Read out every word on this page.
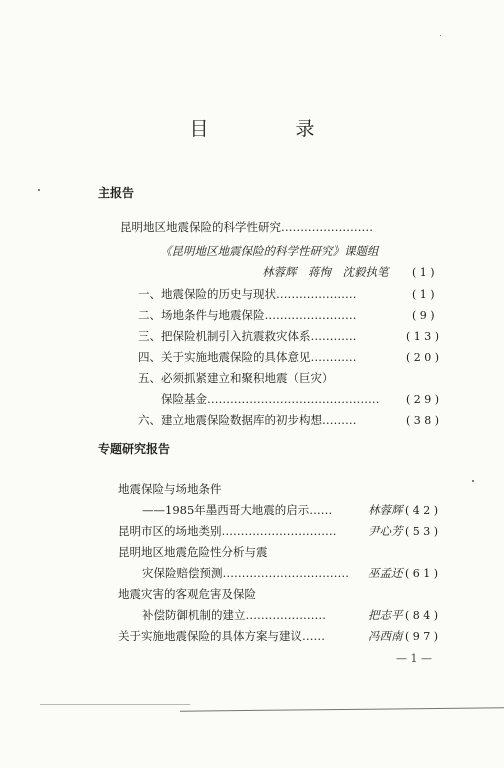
目　录
主报告
昆明地区地震保险的科学性研究……………………
《昆明地区地震保险的科学性研究》课题组
林蓉辉　蒋恂　沈毅执笔 ( 1 )
一、地震保险的历史与现状…………………	( 1 )
二、场地条件与地震保险……………………	( 9 )
三、把保险机制引入抗震救灾体系…………	( 1 3 )
四、关于实施地震保险的具体意见…………	( 2 0 )
五、必须抓紧建立和聚积地震（巨灾）
保险基金……………………………………… ( 2 9 )
六、建立地震保险数据库的初步构想………	( 3 8 )
专题研究报告
地震保险与场地条件
——1985年墨西哥大地震的启示……	林蓉辉 ( 4 2 )
昆明市区的场地类别…………………………	尹心芳 ( 5 3 )
昆明地区地震危险性分析与震
灾保险赔偿预测…………………………… 巫孟还 ( 6 1 )
地震灾害的客观危害及保险
补偿防御机制的建立…………………	把志平 ( 8 4 )
关于实施地震保险的具体方案与建议……	冯西南 ( 9 7 )
— 1 —
